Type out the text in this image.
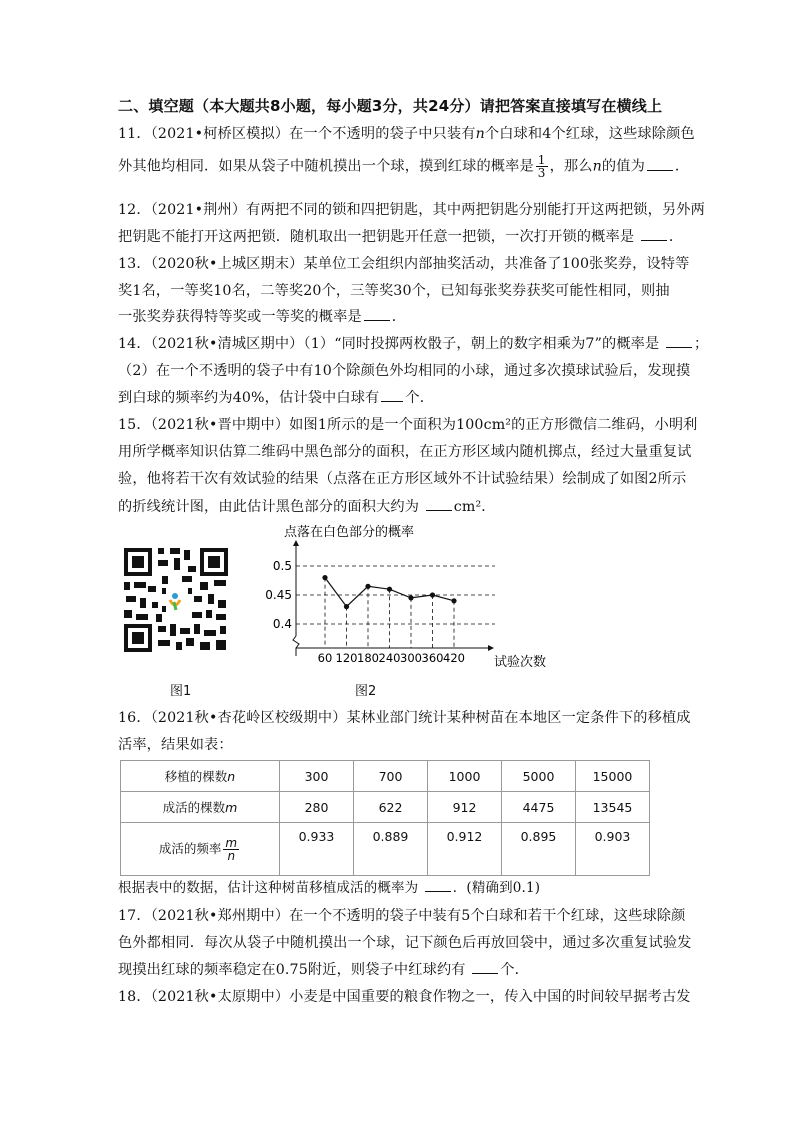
二、填空题（本大题共8小题，每小题3分，共24分）请把答案直接填写在横线上
11．（2021•柯桥区模拟）在一个不透明的袋子中只装有n个白球和4个红球，这些球除颜色
外其他均相同．如果从袋子中随机摸出一个球，摸到红球的概率是 $\frac{1}{3}$ ，那么n的值为 ．
12．（2021•荆州）有两把不同的锁和四把钥匙，其中两把钥匙分别能打开这两把锁，另外两
把钥匙不能打开这两把锁．随机取出一把钥匙开任意一把锁，一次打开锁的概率是 ．
13．（2020秋•上城区期末）某单位工会组织内部抽奖活动，共准备了100张奖券，设特等
奖1名，一等奖10名，二等奖20个，三等奖30个，已知每张奖券获奖可能性相同，则抽
一张奖券获得特等奖或一等奖的概率是 ．
14．（2021秋•清城区期中）（1）“同时投掷两枚骰子，朝上的数字相乘为7”的概率是 ；
（2）在一个不透明的袋子中有10个除颜色外均相同的小球，通过多次摸球试验后，发现摸
到白球的频率约为40%，估计袋中白球有 个．
15．（2021秋•晋中期中）如图1所示的是一个面积为100cm²的正方形微信二维码，小明利
用所学概率知识估算二维码中黑色部分的面积，在正方形区域内随机掷点，经过大量重复试
验，他将若干次有效试验的结果（点落在正方形区域外不计试验结果）绘制成了如图2所示
的折线统计图，由此估计黑色部分的面积大约为 cm²．
图1
点落在白色部分的概率
0.5
0.45
0.4
60 120 180 240 300 360 420 试验次数
图2
16．（2021秋•杏花岭区校级期中）某林业部门统计某种树苗在本地区一定条件下的移植成
活率，结果如表：
移植的棵数n	300	700	1000	5000	15000
成活的棵数m	280	622	912	4475	13545
成活的频率 $\frac{m}{n}$	0.933	0.889	0.912	0.895	0.903
根据表中的数据，估计这种树苗移植成活的概率为	．(精确到0.1)
17．（2021秋•郑州期中）在一个不透明的袋子中装有5个白球和若干个红球，这些球除颜
色外都相同．每次从袋子中随机摸出一个球，记下颜色后再放回袋中，通过多次重复试验发
现摸出红球的频率稳定在0.75附近，则袋子中红球约有 个．
18．（2021秋•太原期中）小麦是中国重要的粮食作物之一，传入中国的时间较早据考古发
